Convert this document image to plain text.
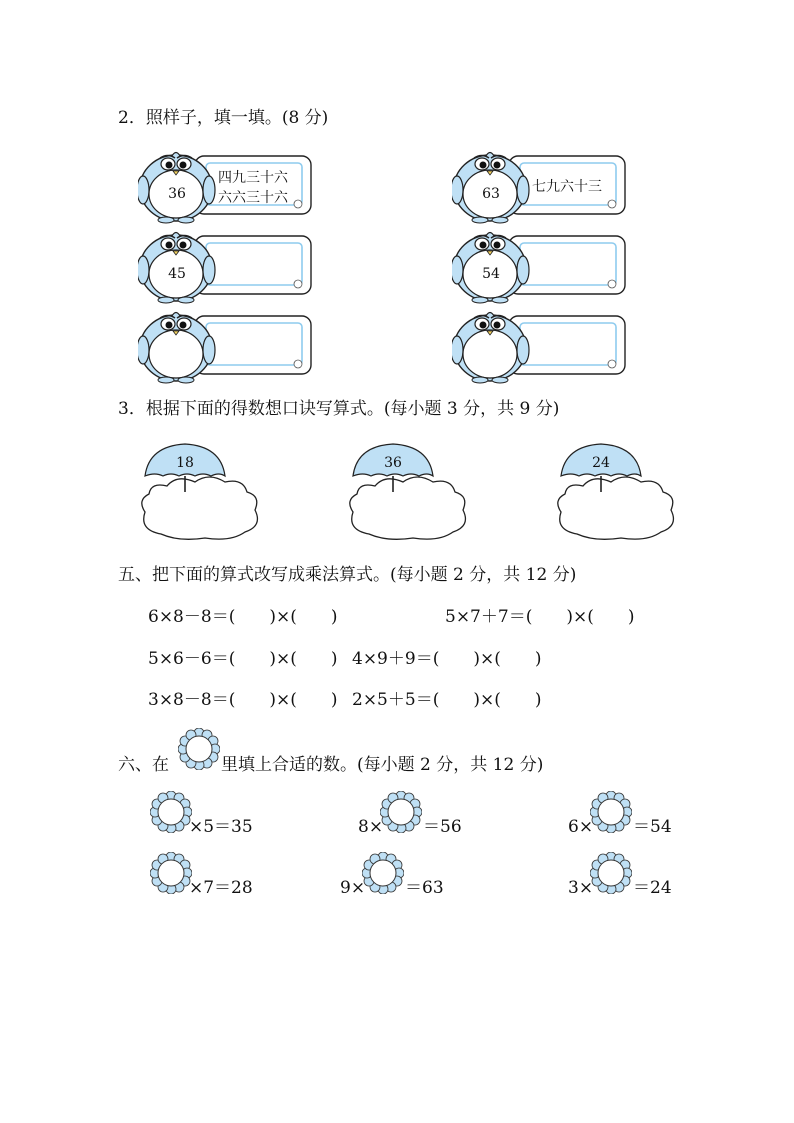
2．照样子，填一填。(8 分)
36
四九三十六
六六三十六	63	七九六十三
45	54
3．根据下面的得数想口诀写算式。(每小题 3 分，共 9 分)
18	36	24
五、把下面的算式改写成乘法算式。(每小题 2 分，共 12 分)
6×8－8＝(　　)×(　　)	5×7＋7＝(　　)×(　　)
5×6－6＝(　　)×(　　) 4×9＋9＝(　　)×(　　)
3×8－8＝(　　)×(　　) 2×5＋5＝(　　)×(　　)
六、在	里填上合适的数。(每小题 2 分，共 12 分)
×5＝35	8× ＝56	6× ＝54
×7＝28	9× ＝63	3× ＝24
